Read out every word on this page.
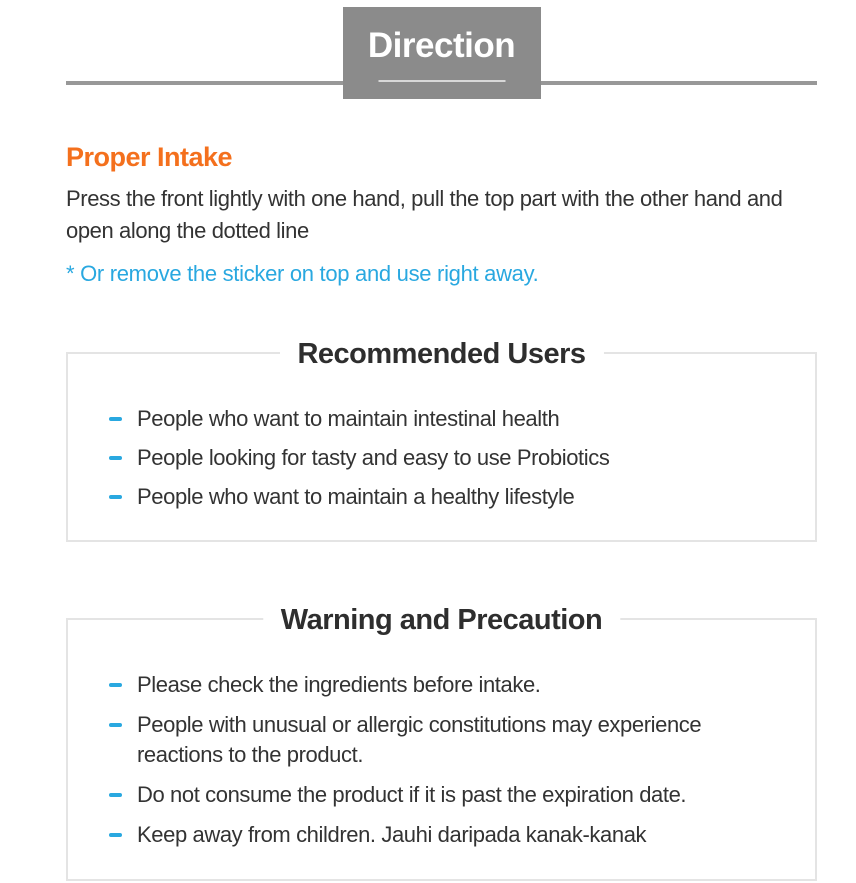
Direction
Proper Intake
Press the front lightly with one hand, pull the top part with the other hand and open along the dotted line
* Or remove the sticker on top and use right away.
Recommended Users
People who want to maintain intestinal health
People looking for tasty and easy to use Probiotics
People who want to maintain a healthy lifestyle
Warning and Precaution
Please check the ingredients before intake.
People with unusual or allergic constitutions may experience reactions to the product.
Do not consume the product if it is past the expiration date.
Keep away from children. Jauhi daripada kanak-kanak
